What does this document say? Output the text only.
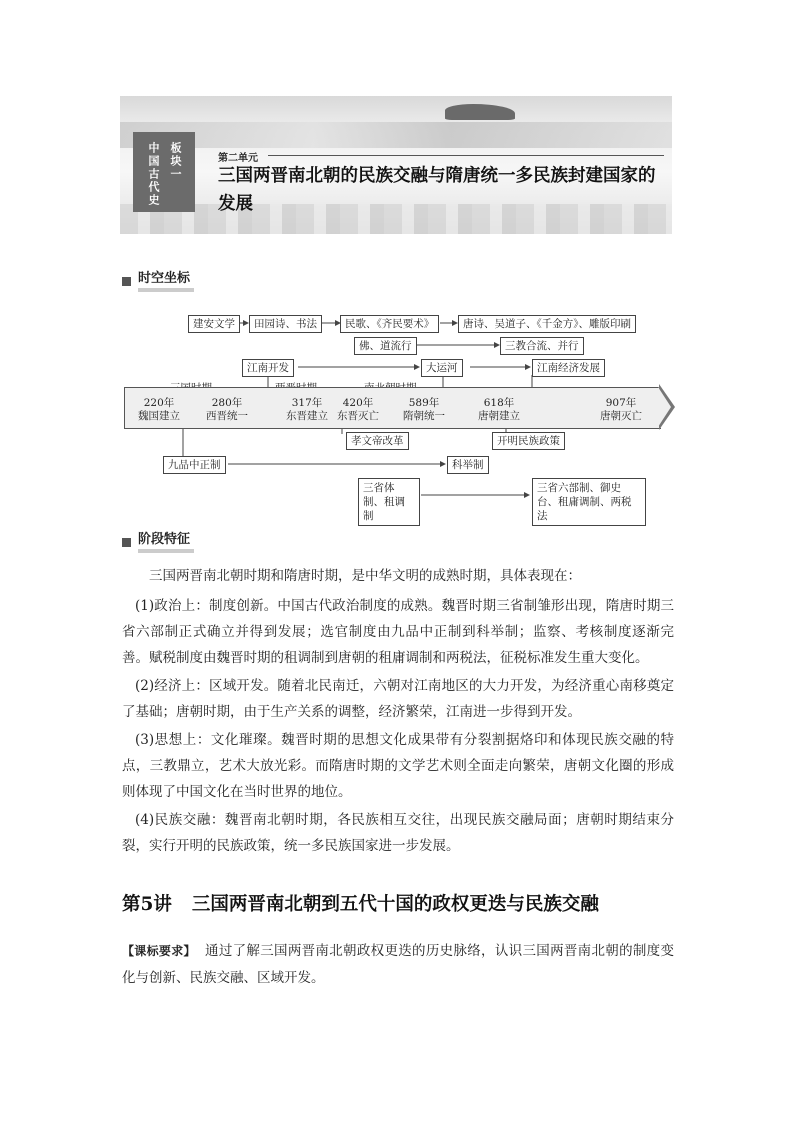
中国古代史 板块一	第二单元
三国两晋南北朝的民族交融与隋唐统一多民族封建国家的发展
时空坐标
建安文学	田园诗、书法	民歌、《齐民要术》	唐诗、吴道子、《千金方》、雕版印刷
佛、道流行	三教合流、并行
江南开发	大运河	江南经济发展
220年
魏国建立
280年
西晋统一
317年
东晋建立
420年
东晋灭亡
589年
隋朝统一
618年
唐朝建立
907年
唐朝灭亡
孝文帝改革	开明民族政策
九品中正制	科举制
三省体制、租调制
三省六部制、御史台、租庸调制、两税法
阶段特征

三国两晋南北朝时期和隋唐时期，是中华文明的成熟时期，具体表现在：

(1)政治上：制度创新。中国古代政治制度的成熟。魏晋时期三省制雏形出现，隋唐时期三省六部制正式确立并得到发展；选官制度由九品中正制到科举制；监察、考核制度逐渐完善。赋税制度由魏晋时期的租调制到唐朝的租庸调制和两税法，征税标准发生重大变化。

(2)经济上：区域开发。随着北民南迁，六朝对江南地区的大力开发，为经济重心南移奠定了基础；唐朝时期，由于生产关系的调整，经济繁荣，江南进一步得到开发。

(3)思想上：文化璀璨。魏晋时期的思想文化成果带有分裂割据烙印和体现民族交融的特点，三教鼎立，艺术大放光彩。而隋唐时期的文学艺术则全面走向繁荣，唐朝文化圈的形成则体现了中国文化在当时世界的地位。

(4)民族交融：魏晋南北朝时期，各民族相互交往，出现民族交融局面；唐朝时期结束分裂，实行开明的民族政策，统一多民族国家进一步发展。

第5讲 三国两晋南北朝到五代十国的政权更迭与民族交融

【课标要求】 通过了解三国两晋南北朝政权更迭的历史脉络，认识三国两晋南北朝的制度变化与创新、民族交融、区域开发。
